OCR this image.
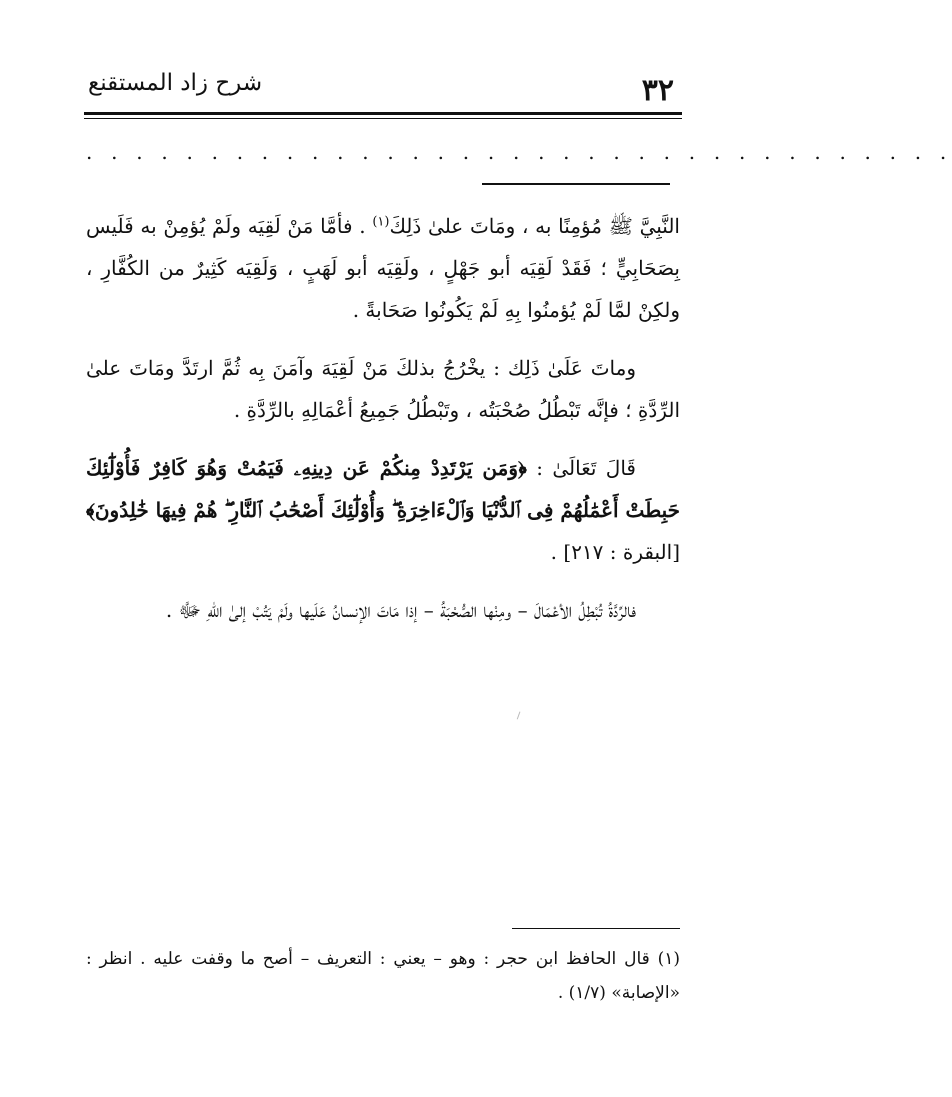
٣٢
شرح زاد المستقنع
. . . . . . . . . . . . . . . . . . . . . . . . . . . . . . . . . . .

النَّبِيَّ ﷺ مُؤمِنًا به ، ومَاتَ علىٰ ذَلِكَ$^{(١)}$ . فأمَّا مَنْ لَقِيَه ولَمْ يُؤمِنْ به فَلَيس بِصَحَابِيٍّ ؛ فَقَدْ لَقِيَه أبو جَهْلٍ ، ولَقِيَه أبو لَهَبٍ ، وَلَقِيَه كَثِيرٌ من الكُفَّارِ ، ولكِنْ لمَّا لَمْ يُؤمنُوا بِهِ لَمْ يَكُونُوا صَحَابةً .

وماتَ عَلَىٰ ذَلِك : يخْرُجُ بذلكَ مَنْ لَقِيَهَ وآمَنَ بِه ثُمَّ ارتَدَّ ومَاتَ علىٰ الرِّدَّةِ ؛ فإنَّه تَبْطُلُ صُحْبَتُه ، وتَبْطُلُ جَمِيعُ أعْمَالِهِ بالرِّدَّةِ .

قَالَ تَعَالَىٰ : ﴿وَمَن يَرْتَدِدْ مِنكُمْ عَن دِينِهِۦ فَيَمُتْ وَهُوَ كَافِرٌ فَأُوْلَٰٓئِكَ حَبِطَتْ أَعْمَٰلُهُمْ فِى ٱلدُّنْيَا وَٱلْءَاخِرَةِ ۖ وَأُوْلَٰٓئِكَ أَصْحَٰبُ ٱلنَّارِ ۖ هُمْ فِيهَا خَٰلِدُونَ﴾ [البقرة : ٢١٧] .

فالرِّدَّةُ تُبْطِلُ الأعْمَالَ – ومِنْها الصُّحْبَةُ – إذا مَاتَ الإنسانُ عَلَيها ولَمْ يَتُبْ إلىٰ اللّٰهِ ﷻ .

(١) قال الحافظ ابن حجر : وهو – يعني : التعريف – أصح ما وقفت عليه . انظر : «الإصابة» (١/٧) .
